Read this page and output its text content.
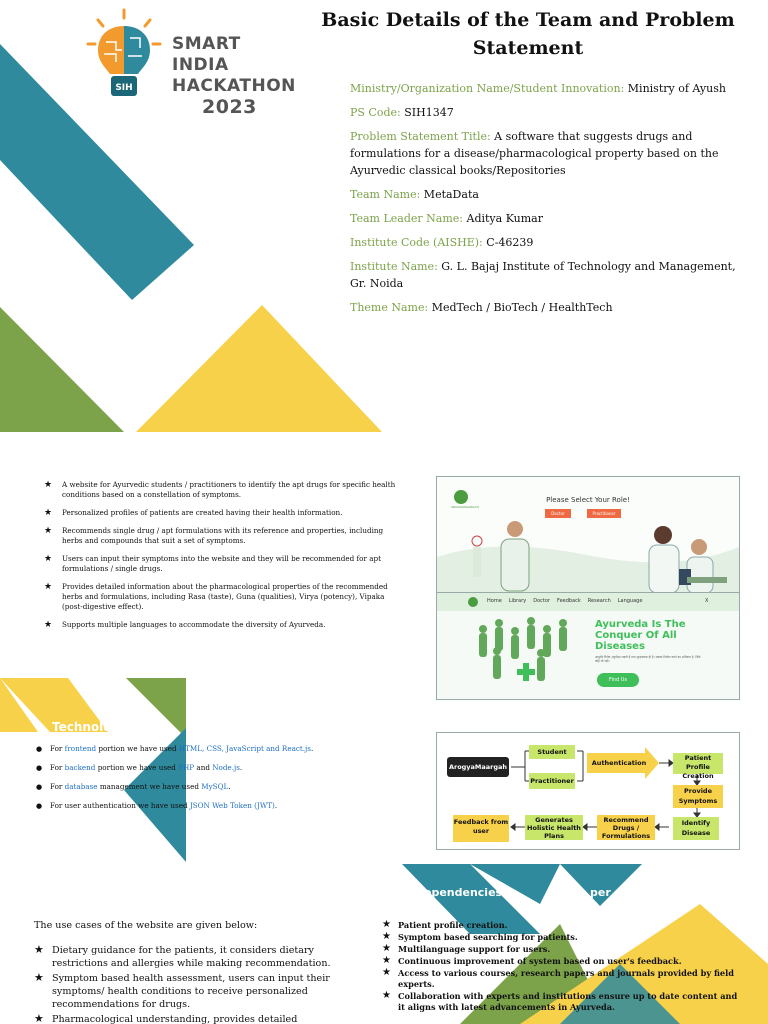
SIH
SMART INDIA
HACKATHON
2023
Basic Details of the Team and Problem
Statement
Ministry/Organization Name/Student Innovation: Ministry of Ayush
PS Code: SIH1347
Problem Statement Title: A software that suggests drugs and formulations for a disease/pharmacological property based on the Ayurvedic classical books/Repositories
Team Name: MetaData
Team Leader Name: Aditya Kumar
Institute Code (AISHE): C-46239
Institute Name: G. L. Bajaj Institute of Technology and Management, Gr. Noida
Theme Name: MedTech / BioTech / HealthTech
★ A website for Ayurvedic students / practitioners to identify the apt drugs for specific health conditions based on a constellation of symptoms.
★ Personalized profiles of patients are created having their health information.
★ Recommends single drug / apt formulations with its reference and properties, including herbs and compounds that suit a set of symptoms.
★ Users can input their symptoms into the website and they will be recommended for apt formulations / single drugs.
★ Provides detailed information about the pharmacological properties of the recommended herbs and formulations, including Rasa (taste), Guna (qualities), Virya (potency), Vipaka (post-digestive effect).
★ Supports multiple languages to accommodate the diversity of Ayurveda.
Technolo
● For frontend portion we have used HTML, CSS, JavaScript and React.js.
● For backend portion we have used PHP and Node.js.
● For database management we have used MySQL.
● For user authentication we have used JSON Web Token (JWT).
AROGYAMAARGAH
Please Select Your Role!
Doctor	Practitioner
Home Library Doctor Feedback Research Language	X
Ayurveda Is The
Conquer Of All
Diseases
आयुर्वेद विशेष अनुवीक्षा रखती है तथा सुरक्षात्मक ही है। सबका निर्माण करने का अधिकार है, जिसे कोई भी नहीं।
Find Us
ArogyaMaargah
Student
Practitioner
Authentication
Patient Profile Creation
Provide Symptoms
Identify Disease
Recommend Drugs / Formulations
Generates Holistic Health Plans
Feedback from user
The use cases of the website are given below:
★ Dietary guidance for the patients, it considers dietary restrictions and allergies while making recommendation.
★ Symptom based health assessment, users can input their symptoms/ health conditions to receive personalized recommendations for drugs.
★ Pharmacological understanding, provides detailed
ependencies /	per
★ Patient profile creation.
★ Symptom based searching for patients.
★ Multilanguage support for users.
★ Continuous improvement of system based on user's feedback.
★ Access to various courses, research papers and journals provided by field experts.
★ Collaboration with experts and institutions ensure up to date content and it aligns with latest advancements in Ayurveda.
